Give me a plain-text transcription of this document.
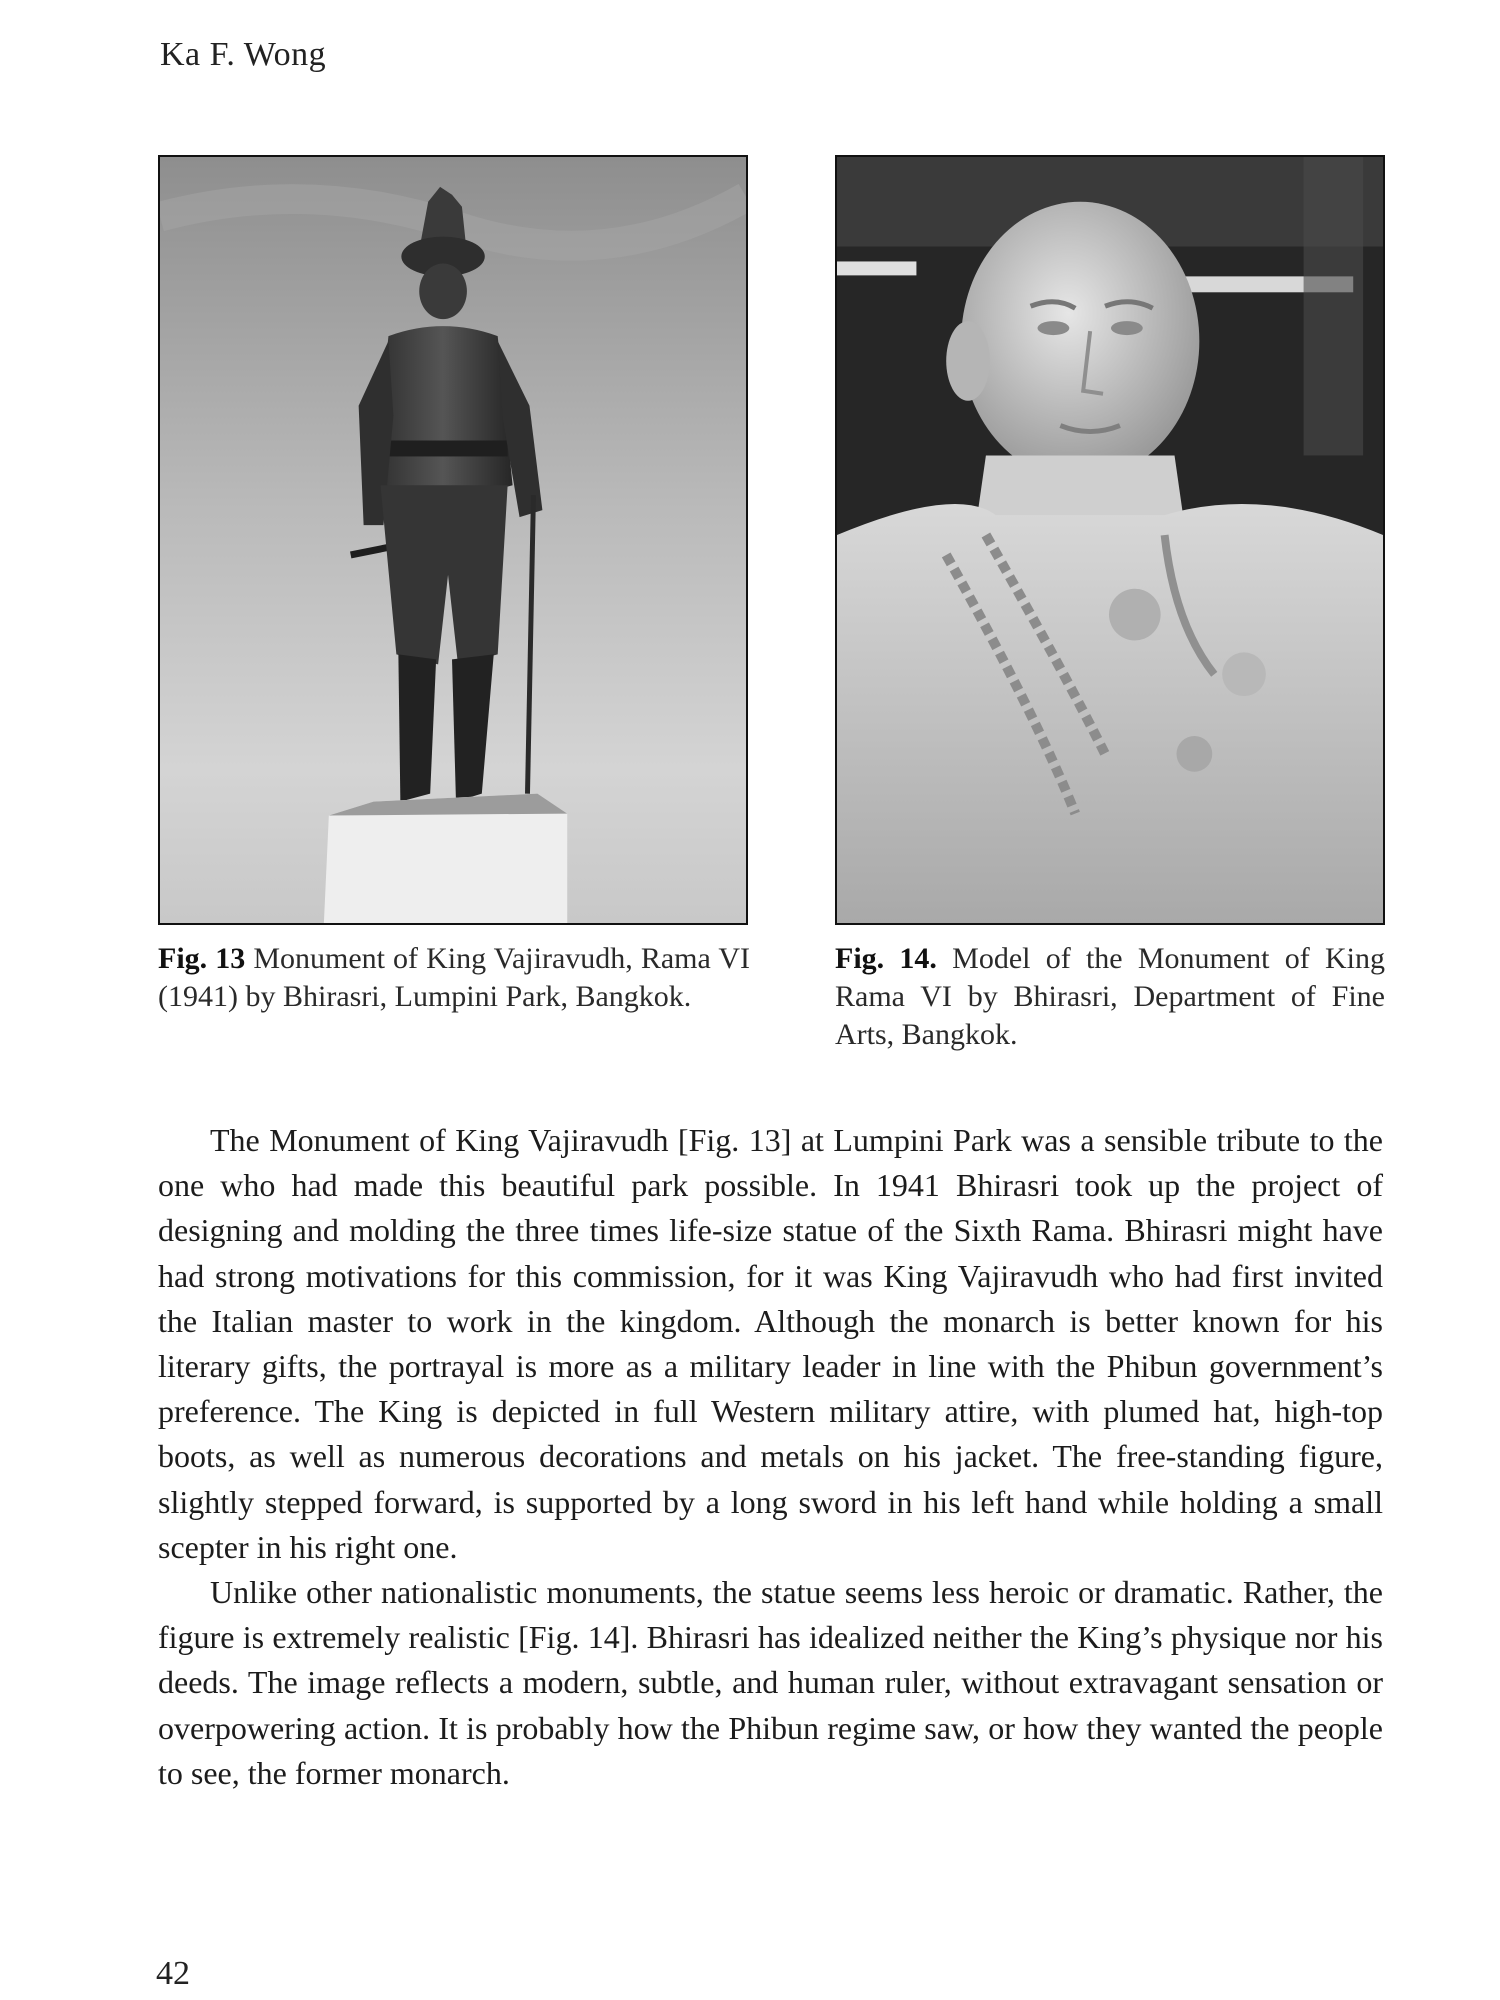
Ka F. Wong
Fig. 13 Monument of King Vajiravudh, Rama VI (1941) by Bhirasri, Lumpini Park, Bangkok.
Fig. 14. Model of the Monument of King Rama VI by Bhirasri, Department of Fine Arts, Bangkok.

The Monument of King Vajiravudh [Fig. 13] at Lumpini Park was a sensible tribute to the one who had made this beautiful park possible. In 1941 Bhirasri took up the project of designing and molding the three times life-size statue of the Sixth Rama. Bhirasri might have had strong motivations for this commission, for it was King Vajiravudh who had first invited the Italian master to work in the kingdom. Although the monarch is better known for his literary gifts, the portrayal is more as a military leader in line with the Phibun government’s preference. The King is depicted in full Western military attire, with plumed hat, high-top boots, as well as numerous decorations and metals on his jacket. The free-standing figure, slightly stepped forward, is supported by a long sword in his left hand while holding a small scepter in his right one.

Unlike other nationalistic monuments, the statue seems less heroic or dramatic. Rather, the figure is extremely realistic [Fig. 14]. Bhirasri has idealized neither the King’s physique nor his deeds. The image reflects a modern, subtle, and human ruler, without extravagant sensation or overpowering action. It is probably how the Phibun regime saw, or how they wanted the people to see, the former monarch.

42
